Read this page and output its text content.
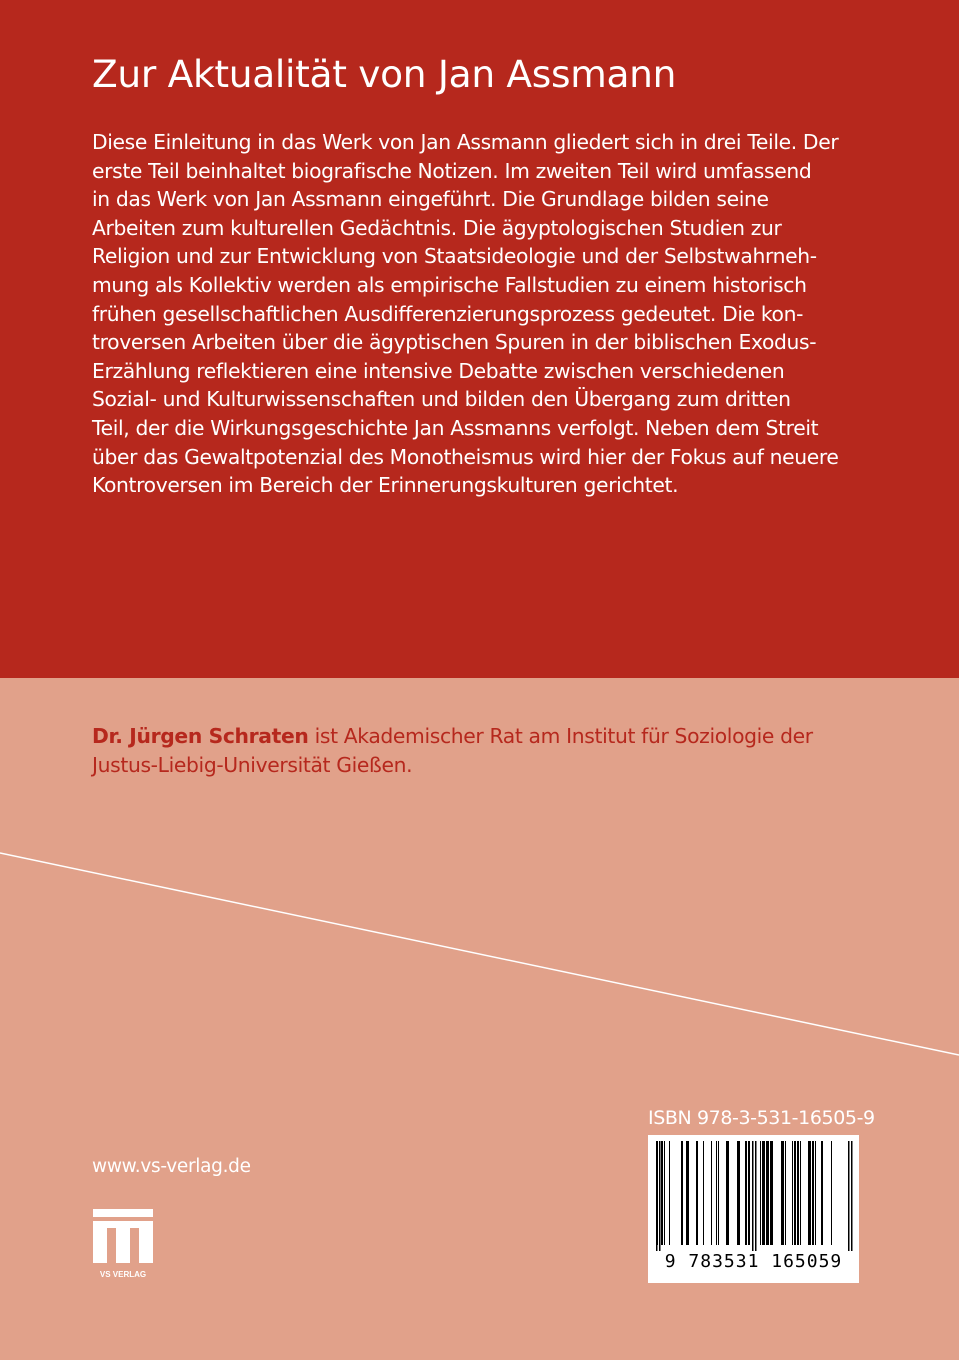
Zur Aktualität von Jan Assmann
Diese Einleitung in das Werk von Jan Assmann gliedert sich in drei Teile. Der
erste Teil beinhaltet biografische Notizen. Im zweiten Teil wird umfassend
in das Werk von Jan Assmann eingeführt. Die Grundlage bilden seine
Arbeiten zum kulturellen Gedächtnis. Die ägyptologischen Studien zur
Religion und zur Entwicklung von Staatsideologie und der Selbstwahrneh-
mung als Kollektiv werden als empirische Fallstudien zu einem historisch
frühen gesellschaftlichen Ausdifferenzierungsprozess gedeutet. Die kon-
troversen Arbeiten über die ägyptischen Spuren in der biblischen Exodus-
Erzählung reflektieren eine intensive Debatte zwischen verschiedenen
Sozial- und Kulturwissenschaften und bilden den Übergang zum dritten
Teil, der die Wirkungsgeschichte Jan Assmanns verfolgt. Neben dem Streit
über das Gewaltpotenzial des Monotheismus wird hier der Fokus auf neuere
Kontroversen im Bereich der Erinnerungskulturen gerichtet.
Dr. Jürgen Schraten ist Akademischer Rat am Institut für Soziologie der
Justus-Liebig-Universität Gießen.
www.vs-verlag.de
VS VERLAG
ISBN 978-3-531-16505-9
9 783531 165059
